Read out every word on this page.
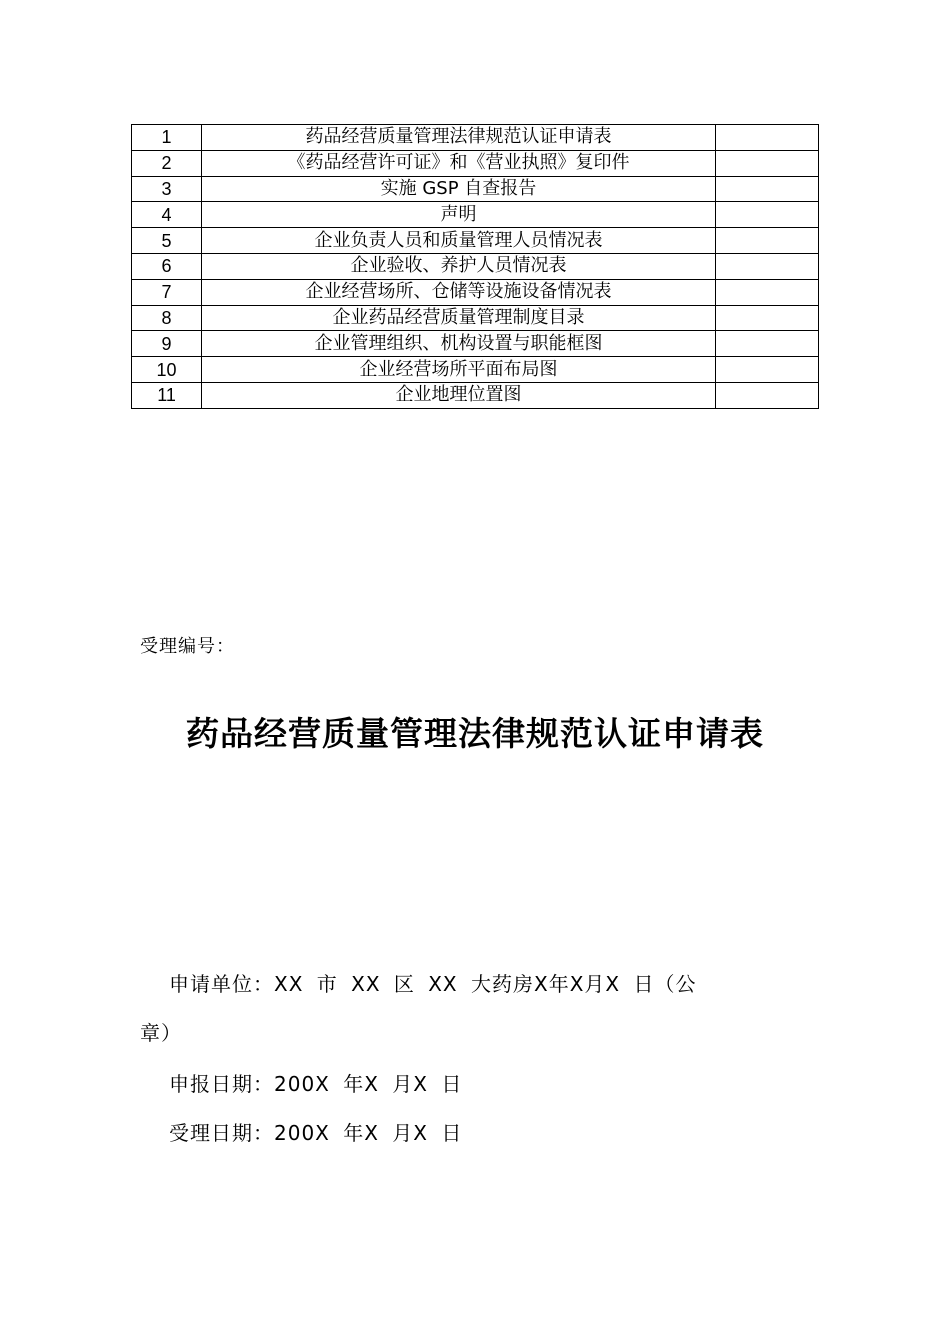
1	药品经营质量管理法律规范认证申请表	
2	《药品经营许可证》和《营业执照》复印件	
3	实施 GSP 自查报告	
4	声明	
5	企业负责人员和质量管理人员情况表	
6	企业验收、养护人员情况表	
7	企业经营场所、仓储等设施设备情况表	
8	企业药品经营质量管理制度目录	
9	企业管理组织、机构设置与职能框图	
10	企业经营场所平面布局图	
11	企业地理位置图	
受理编号：
药品经营质量管理法律规范认证申请表
申请单位：XX 市 XX 区 XX 大药房X年X月X 日（公
章）
申报日期：200X 年X 月X 日
受理日期：200X 年X 月X 日
